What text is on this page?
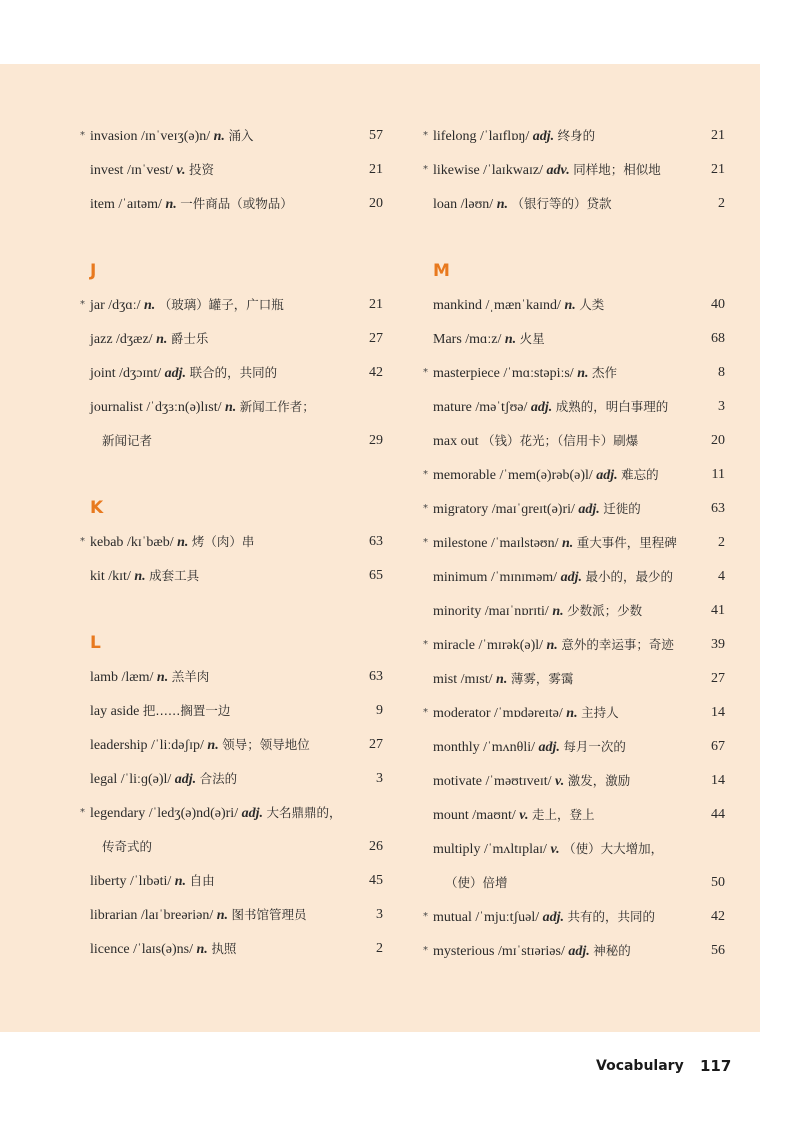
* invasion /ɪnˈveɪʒ(ə)n/ n. 涌入	57
invest /ɪnˈvest/ v. 投资	21
item /ˈaɪtəm/ n. 一件商品（或物品）	20
J
* jar /dʒɑː/ n. （玻璃）罐子，广口瓶	21
jazz /dʒæz/ n. 爵士乐	27
joint /dʒɔɪnt/ adj. 联合的，共同的	42
journalist /ˈdʒɜːn(ə)lɪst/ n. 新闻工作者；
新闻记者	29
K
* kebab /kɪˈbæb/ n. 烤（肉）串	63
kit /kɪt/ n. 成套工具	65
L
lamb /læm/ n. 羔羊肉	63
lay aside 把……搁置一边	9
leadership /ˈliːdəʃɪp/ n. 领导；领导地位	27
legal /ˈliːɡ(ə)l/ adj. 合法的	3
* legendary /ˈledʒ(ə)nd(ə)ri/ adj. 大名鼎鼎的，
传奇式的	26
liberty /ˈlɪbəti/ n. 自由	45
librarian /laɪˈbreəriən/ n. 图书馆管理员	3
licence /ˈlaɪs(ə)ns/ n. 执照	2
* lifelong /ˈlaɪflɒŋ/ adj. 终身的	21
* likewise /ˈlaɪkwaɪz/ adv. 同样地；相似地	21
loan /ləʊn/ n. （银行等的）贷款	2
M
mankind /ˌmænˈkaɪnd/ n. 人类	40
Mars /mɑːz/ n. 火星	68
* masterpiece /ˈmɑːstəpiːs/ n. 杰作	8
mature /məˈtʃʊə/ adj. 成熟的，明白事理的	3
max out （钱）花光；（信用卡）刷爆	20
* memorable /ˈmem(ə)rəb(ə)l/ adj. 难忘的	11
* migratory /maɪˈɡreɪt(ə)ri/ adj. 迁徙的	63
* milestone /ˈmaɪlstəʊn/ n. 重大事件，里程碑	2
minimum /ˈmɪnɪməm/ adj. 最小的，最少的	4
minority /maɪˈnɒrɪti/ n. 少数派；少数	41
* miracle /ˈmɪrək(ə)l/ n. 意外的幸运事；奇迹	39
mist /mɪst/ n. 薄雾，雾霭	27
* moderator /ˈmɒdəreɪtə/ n. 主持人	14
monthly /ˈmʌnθli/ adj. 每月一次的	67
motivate /ˈməʊtɪveɪt/ v. 激发，激励	14
mount /maʊnt/ v. 走上，登上	44
multiply /ˈmʌltɪplaɪ/ v. （使）大大增加，
（使）倍增	50
* mutual /ˈmjuːtʃuəl/ adj. 共有的，共同的	42
* mysterious /mɪˈstɪəriəs/ adj. 神秘的	56
Vocabulary 117
